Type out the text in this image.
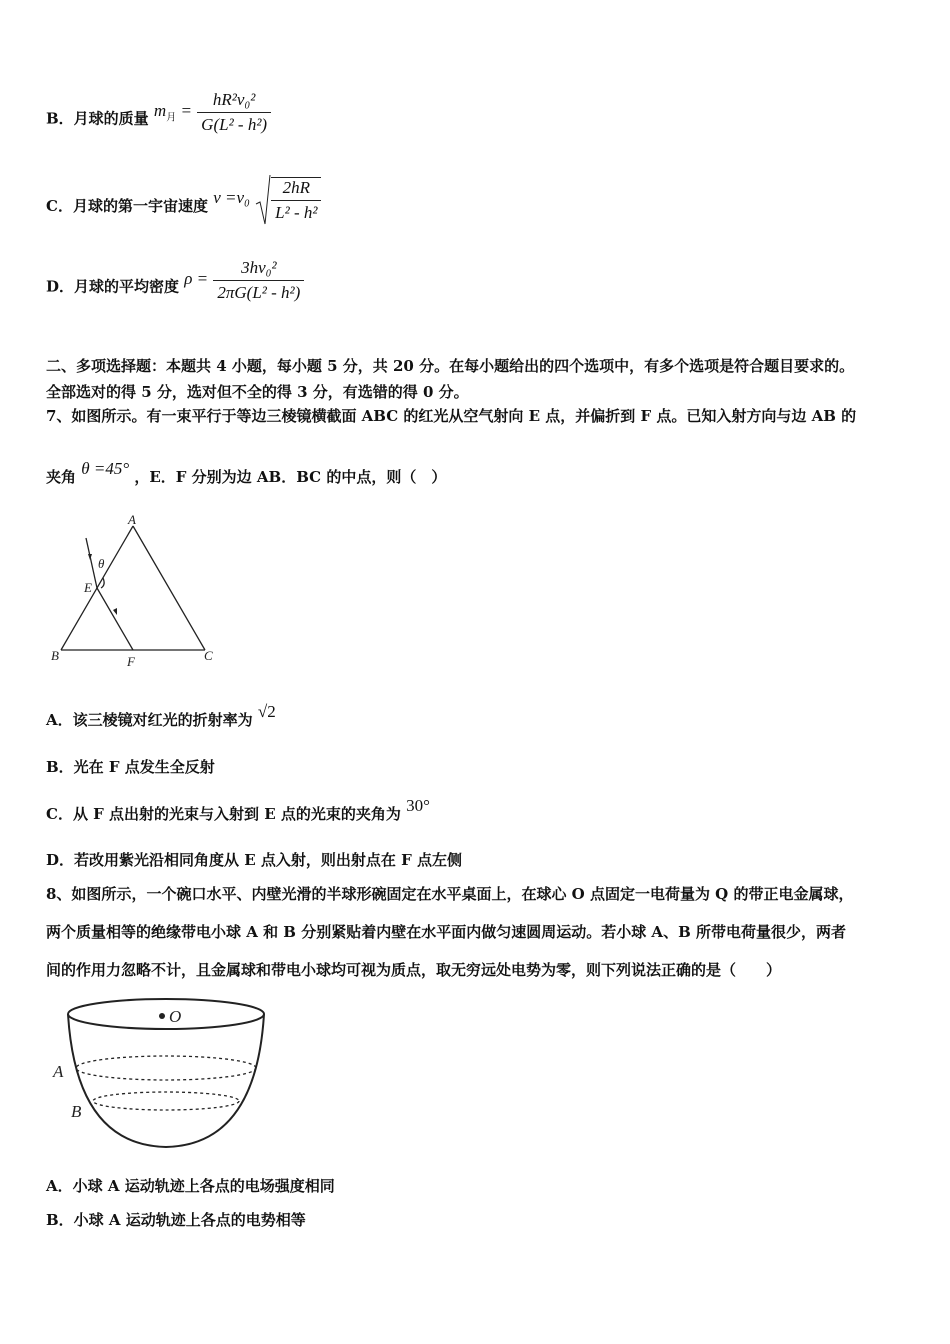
B．月球的质量 $m_月 = \frac{\text{hR²v₀²}}{\text{G(L² - h²)}}$
C．月球的第一宇宙速度 $v =v_0 \frac{2hR}{\text{L² - h²}}$
D．月球的平均密度 $\rho = \frac{\text{3hv₀²}}{\text{2πG(L² - h²)}}$
二、多项选择题：本题共 4 小题，每小题 5 分，共 20 分。在每小题给出的四个选项中，有多个选项是符合题目要求的。
全部选对的得 5 分，选对但不全的得 3 分，有选错的得 0 分。
7、如图所示。有一束平行于等边三棱镜横截面 ABC 的红光从空气射向 E 点，并偏折到 F 点。已知入射方向与边 AB 的
夹角 θ =45° ，E．F 分别为边 AB．BC 的中点，则（　）
A
B	C
E
F
θ
A．该三棱镜对红光的折射率为 √2
B．光在 F 点发生全反射
C．从 F 点出射的光束与入射到 E 点的光束的夹角为 30°
D．若改用紫光沿相同角度从 E 点入射，则出射点在 F 点左侧
8、如图所示，一个碗口水平、内壁光滑的半球形碗固定在水平桌面上，在球心 O 点固定一电荷量为 Q 的带正电金属球，
两个质量相等的绝缘带电小球 A 和 B 分别紧贴着内壁在水平面内做匀速圆周运动。若小球 A、B 所带电荷量很少，两者
间的作用力忽略不计，且金属球和带电小球均可视为质点，取无穷远处电势为零，则下列说法正确的是（　　）
O
A
B
A．小球 A 运动轨迹上各点的电场强度相同
B．小球 A 运动轨迹上各点的电势相等
